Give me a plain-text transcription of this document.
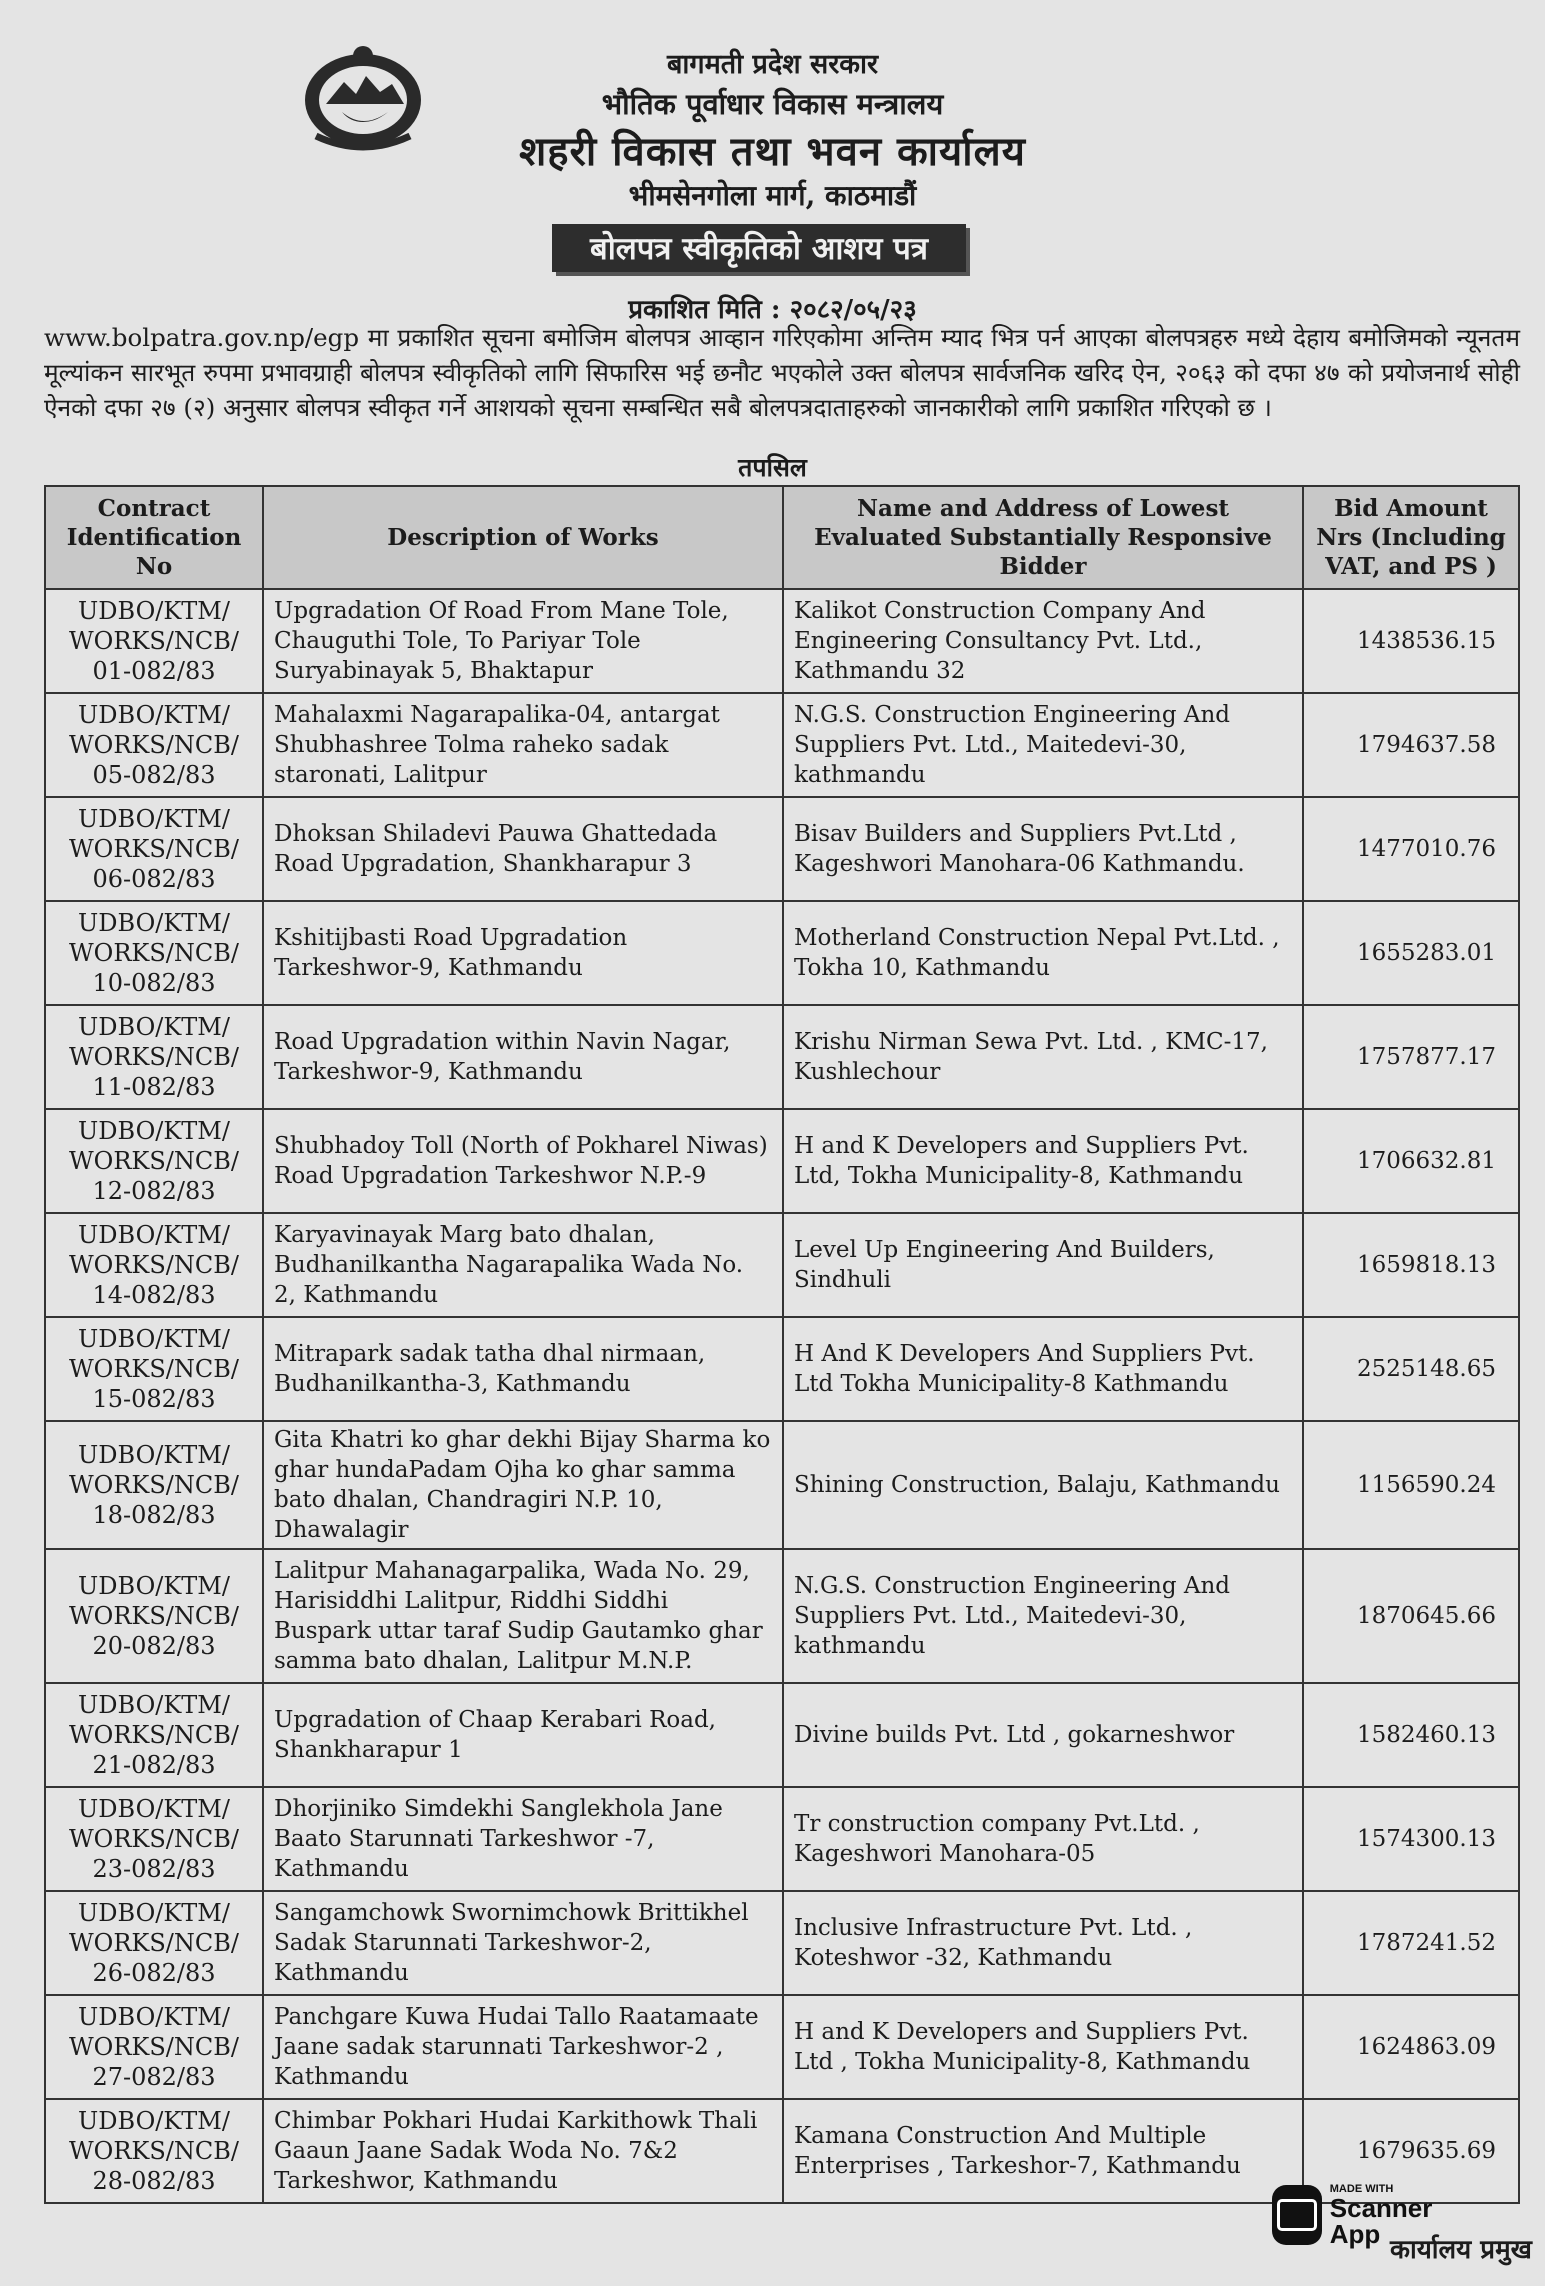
बागमती प्रदेश सरकार
भौतिक पूर्वाधार विकास मन्त्रालय
शहरी विकास तथा भवन कार्यालय
भीमसेनगोला मार्ग, काठमाडौं
बोलपत्र स्वीकृतिको आशय पत्र
प्रकाशित मिति : २०८२/०५/२३
www.bolpatra.gov.np/egp मा प्रकाशित सूचना बमोजिम बोलपत्र आव्हान गरिएकोमा अन्तिम म्याद भित्र पर्न आएका बोलपत्रहरु मध्ये देहाय बमोजिमको न्यूनतम मूल्यांकन सारभूत रुपमा प्रभावग्राही बोलपत्र स्वीकृतिको लागि सिफारिस भई छनौट भएकोले उक्त बोलपत्र सार्वजनिक खरिद ऐन, २०६३ को दफा ४७ को प्रयोजनार्थ सोही ऐनको दफा २७ (२) अनुसार बोलपत्र स्वीकृत गर्ने आशयको सूचना सम्बन्धित सबै बोलपत्रदाताहरुको जानकारीको लागि प्रकाशित गरिएको छ ।
तपसिल
Contract Identification No	Description of Works	Name and Address of Lowest Evaluated Substantially Responsive Bidder	Bid Amount Nrs (Including VAT, and PS )
UDBO/KTM/ WORKS/NCB/ 01-082/83	Upgradation Of Road From Mane Tole, Chauguthi Tole, To Pariyar Tole Suryabinayak 5, Bhaktapur	Kalikot Construction Company And Engineering Consultancy Pvt. Ltd., Kathmandu 32	1438536.15
UDBO/KTM/ WORKS/NCB/ 05-082/83	Mahalaxmi Nagarapalika-04, antargat Shubhashree Tolma raheko sadak staronati, Lalitpur	N.G.S. Construction Engineering And Suppliers Pvt. Ltd., Maitedevi-30, kathmandu	1794637.58
UDBO/KTM/ WORKS/NCB/ 06-082/83	Dhoksan Shiladevi Pauwa Ghattedada Road Upgradation, Shankharapur 3	Bisav Builders and Suppliers Pvt.Ltd , Kageshwori Manohara-06 Kathmandu.	1477010.76
UDBO/KTM/ WORKS/NCB/ 10-082/83	Kshitijbasti Road Upgradation Tarkeshwor-9, Kathmandu	Motherland Construction Nepal Pvt.Ltd. , Tokha 10, Kathmandu	1655283.01
UDBO/KTM/ WORKS/NCB/ 11-082/83	Road Upgradation within Navin Nagar, Tarkeshwor-9, Kathmandu	Krishu Nirman Sewa Pvt. Ltd. , KMC-17, Kushlechour	1757877.17
UDBO/KTM/ WORKS/NCB/ 12-082/83	Shubhadoy Toll (North of Pokharel Niwas) Road Upgradation Tarkeshwor N.P.-9	H and K Developers and Suppliers Pvt. Ltd, Tokha Municipality-8, Kathmandu	1706632.81
UDBO/KTM/ WORKS/NCB/ 14-082/83	Karyavinayak Marg bato dhalan, Budhanilkantha Nagarapalika Wada No. 2, Kathmandu	Level Up Engineering And Builders, Sindhuli	1659818.13
UDBO/KTM/ WORKS/NCB/ 15-082/83	Mitrapark sadak tatha dhal nirmaan, Budhanilkantha-3, Kathmandu	H And K Developers And Suppliers Pvt. Ltd Tokha Municipality-8 Kathmandu	2525148.65
UDBO/KTM/ WORKS/NCB/ 18-082/83	Gita Khatri ko ghar dekhi Bijay Sharma ko ghar hundaPadam Ojha ko ghar samma bato dhalan, Chandragiri N.P. 10, Dhawalagir	Shining Construction, Balaju, Kathmandu	1156590.24
UDBO/KTM/ WORKS/NCB/ 20-082/83	Lalitpur Mahanagarpalika, Wada No. 29, Harisiddhi Lalitpur, Riddhi Siddhi Buspark uttar taraf Sudip Gautamko ghar samma bato dhalan, Lalitpur M.N.P.	N.G.S. Construction Engineering And Suppliers Pvt. Ltd., Maitedevi-30, kathmandu	1870645.66
UDBO/KTM/ WORKS/NCB/ 21-082/83	Upgradation of Chaap Kerabari Road, Shankharapur 1	Divine builds Pvt. Ltd , gokarneshwor	1582460.13
UDBO/KTM/ WORKS/NCB/ 23-082/83	Dhorjiniko Simdekhi Sanglekhola Jane Baato Starunnati Tarkeshwor -7, Kathmandu	Tr construction company Pvt.Ltd. , Kageshwori Manohara-05	1574300.13
UDBO/KTM/ WORKS/NCB/ 26-082/83	Sangamchowk Swornimchowk Brittikhel Sadak Starunnati Tarkeshwor-2, Kathmandu	Inclusive Infrastructure Pvt. Ltd. , Koteshwor -32, Kathmandu	1787241.52
UDBO/KTM/ WORKS/NCB/ 27-082/83	Panchgare Kuwa Hudai Tallo Raatamaate Jaane sadak starunnati Tarkeshwor-2 , Kathmandu	H and K Developers and Suppliers Pvt. Ltd , Tokha Municipality-8, Kathmandu	1624863.09
UDBO/KTM/ WORKS/NCB/ 28-082/83	Chimbar Pokhari Hudai Karkithowk Thali Gaaun Jaane Sadak Woda No. 7&2 Tarkeshwor, Kathmandu	Kamana Construction And Multiple Enterprises , Tarkeshor-7, Kathmandu	1679635.69
MADE WITH
Scanner App
कार्यालय प्रमुख
